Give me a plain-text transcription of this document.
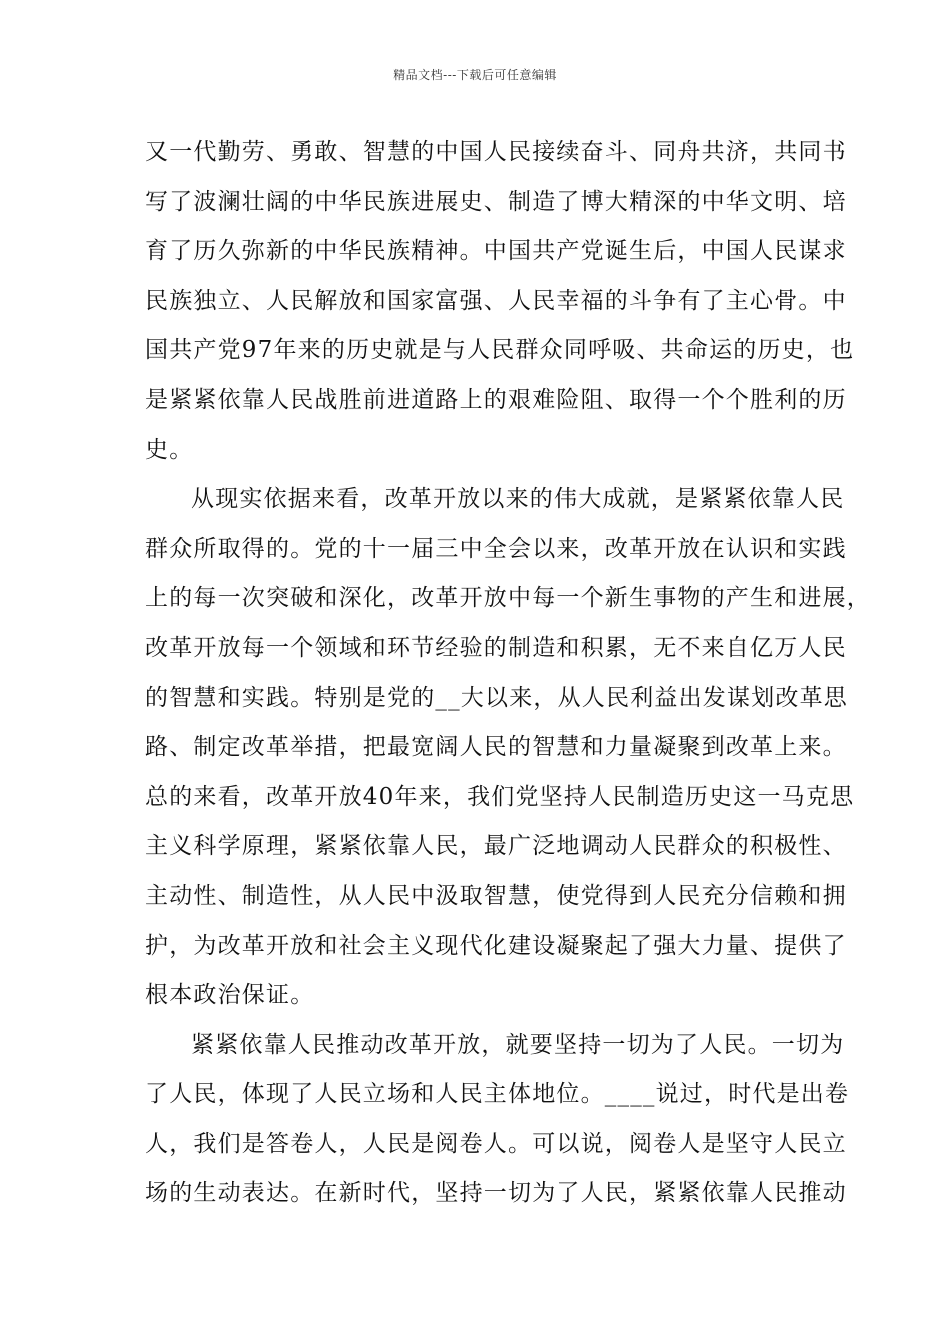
精品文档---下载后可任意编辑
又一代勤劳、勇敢、智慧的中国人民接续奋斗、同舟共济，共同书
写了波澜壮阔的中华民族进展史、制造了博大精深的中华文明、培
育了历久弥新的中华民族精神。中国共产党诞生后，中国人民谋求
民族独立、人民解放和国家富强、人民幸福的斗争有了主心骨。中
国共产党97年来的历史就是与人民群众同呼吸、共命运的历史，也
是紧紧依靠人民战胜前进道路上的艰难险阻、取得一个个胜利的历
史。
从现实依据来看，改革开放以来的伟大成就，是紧紧依靠人民
群众所取得的。党的十一届三中全会以来，改革开放在认识和实践
上的每一次突破和深化，改革开放中每一个新生事物的产生和进展，
改革开放每一个领域和环节经验的制造和积累，无不来自亿万人民
的智慧和实践。特别是党的__大以来，从人民利益出发谋划改革思
路、制定改革举措，把最宽阔人民的智慧和力量凝聚到改革上来。
总的来看，改革开放40年来，我们党坚持人民制造历史这一马克思
主义科学原理，紧紧依靠人民，最广泛地调动人民群众的积极性、
主动性、制造性，从人民中汲取智慧，使党得到人民充分信赖和拥
护，为改革开放和社会主义现代化建设凝聚起了强大力量、提供了
根本政治保证。
紧紧依靠人民推动改革开放，就要坚持一切为了人民。一切为
了人民，体现了人民立场和人民主体地位。____说过，时代是出卷
人，我们是答卷人，人民是阅卷人。可以说，阅卷人是坚守人民立
场的生动表达。在新时代，坚持一切为了人民，紧紧依靠人民推动
